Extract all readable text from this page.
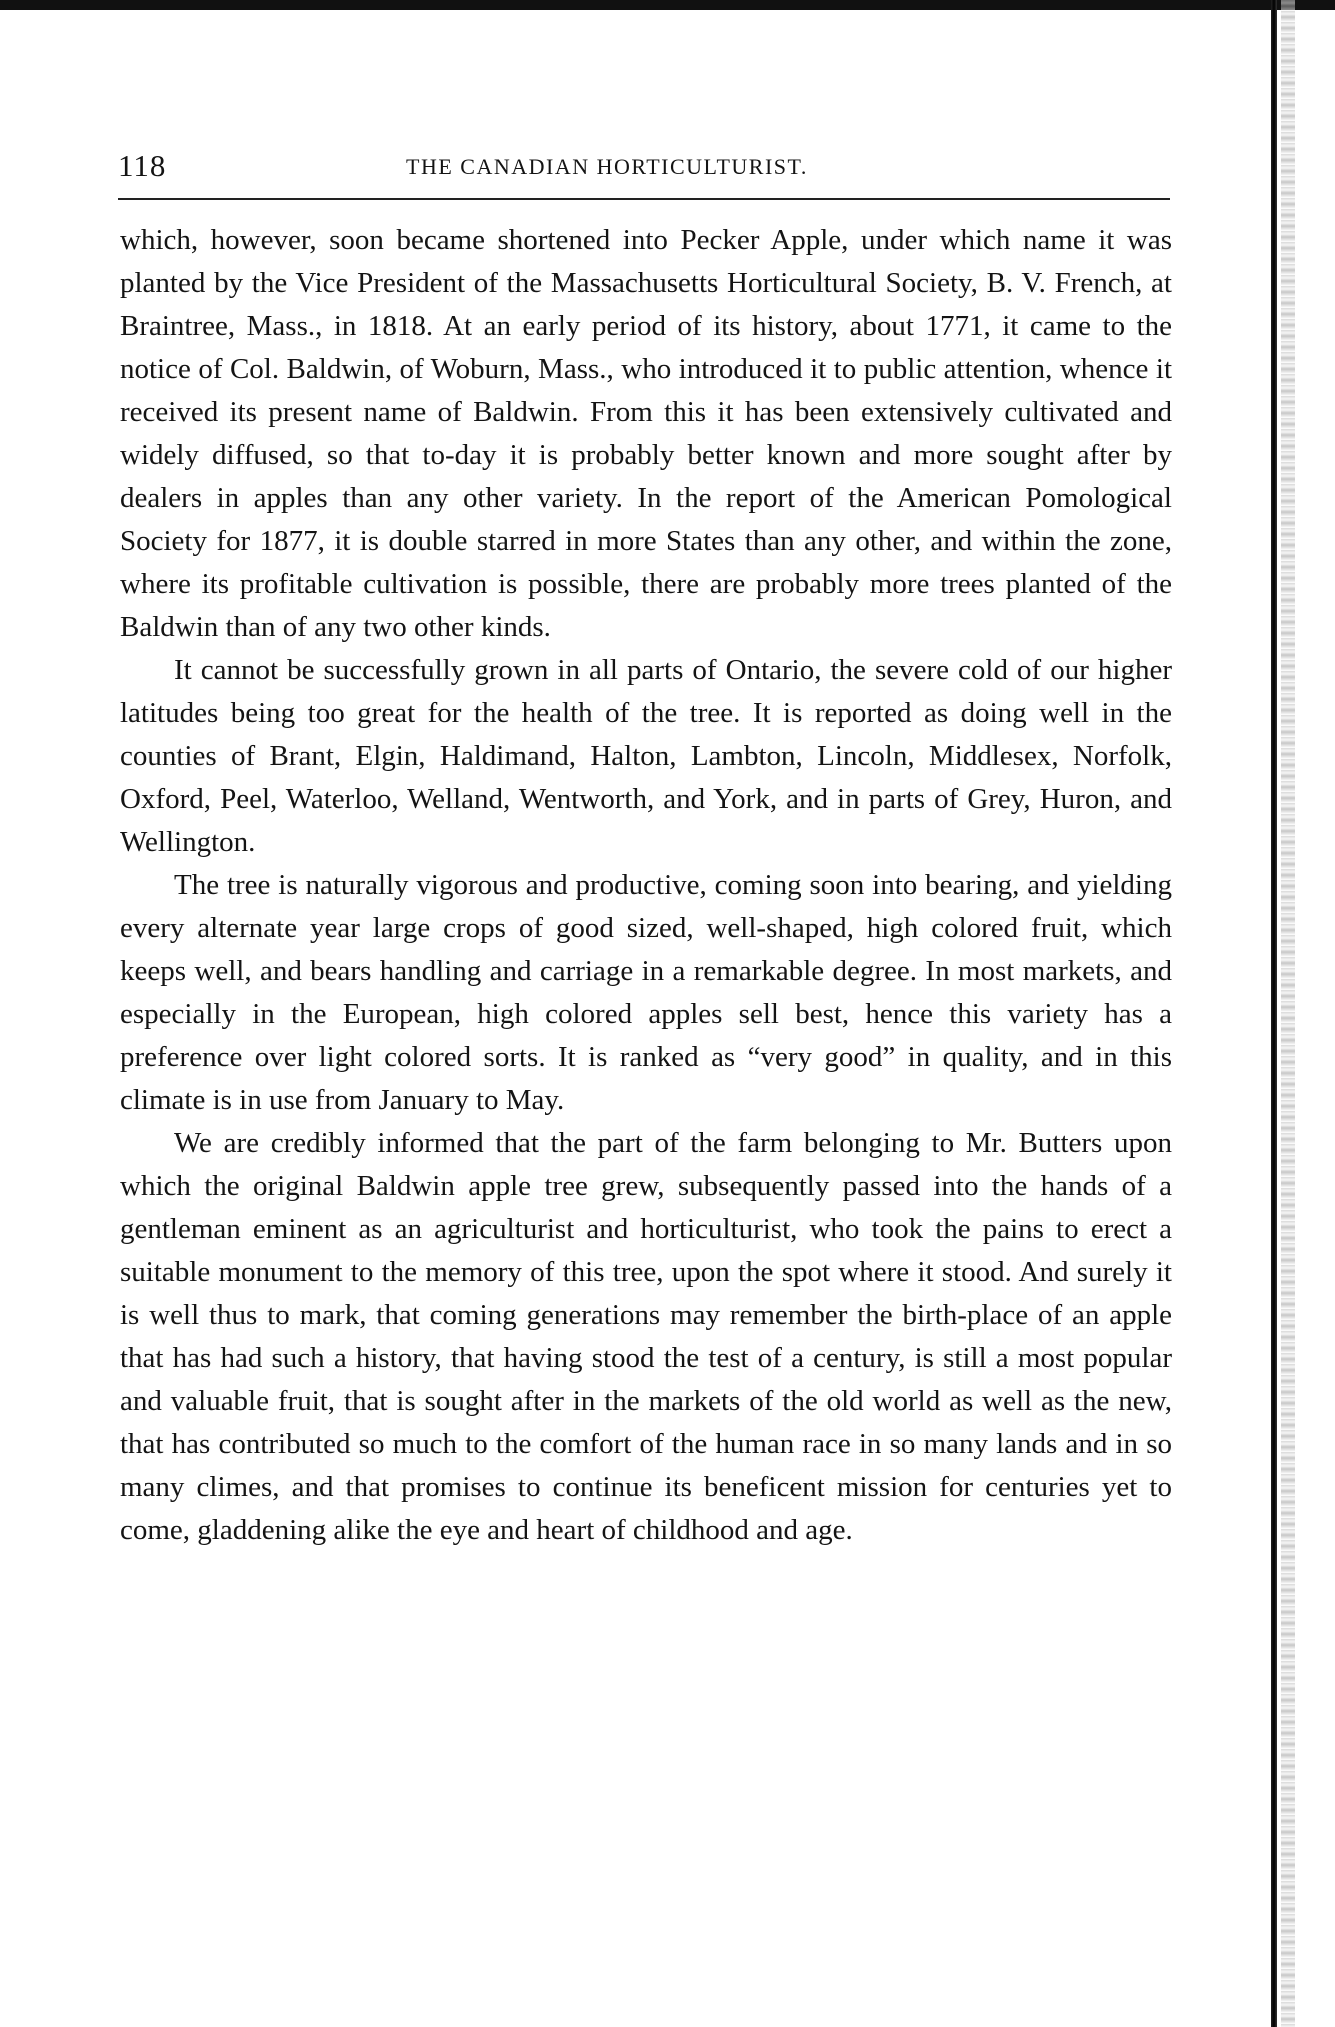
118	THE CANADIAN HORTICULTURIST.

which, however, soon became shortened into Pecker Apple, under which name it was planted by the Vice President of the Massachusetts Horticultural Society, B. V. French, at Braintree, Mass., in 1818. At an early period of its history, about 1771, it came to the notice of Col. Baldwin, of Woburn, Mass., who introduced it to public attention, whence it received its present name of Baldwin. From this it has been extensively cultivated and widely diffused, so that to-day it is probably better known and more sought after by dealers in apples than any other variety. In the report of the American Pomological Society for 1877, it is double starred in more States than any other, and within the zone, where its profitable cultivation is possible, there are probably more trees planted of the Baldwin than of any two other kinds.

It cannot be successfully grown in all parts of Ontario, the severe cold of our higher latitudes being too great for the health of the tree. It is reported as doing well in the counties of Brant, Elgin, Haldimand, Halton, Lambton, Lincoln, Middlesex, Norfolk, Oxford, Peel, Waterloo, Welland, Wentworth, and York, and in parts of Grey, Huron, and Wellington.

The tree is naturally vigorous and productive, coming soon into bearing, and yielding every alternate year large crops of good sized, well-shaped, high colored fruit, which keeps well, and bears handling and carriage in a remarkable degree. In most markets, and especially in the European, high colored apples sell best, hence this variety has a preference over light colored sorts. It is ranked as “very good” in quality, and in this climate is in use from January to May.

We are credibly informed that the part of the farm belonging to Mr. Butters upon which the original Baldwin apple tree grew, subsequently passed into the hands of a gentleman eminent as an agriculturist and horticulturist, who took the pains to erect a suitable monument to the memory of this tree, upon the spot where it stood. And surely it is well thus to mark, that coming generations may remember the birth-place of an apple that has had such a history, that having stood the test of a century, is still a most popular and valuable fruit, that is sought after in the markets of the old world as well as the new, that has contributed so much to the comfort of the human race in so many lands and in so many climes, and that promises to continue its beneficent mission for centuries yet to come, gladdening alike the eye and heart of childhood and age.
